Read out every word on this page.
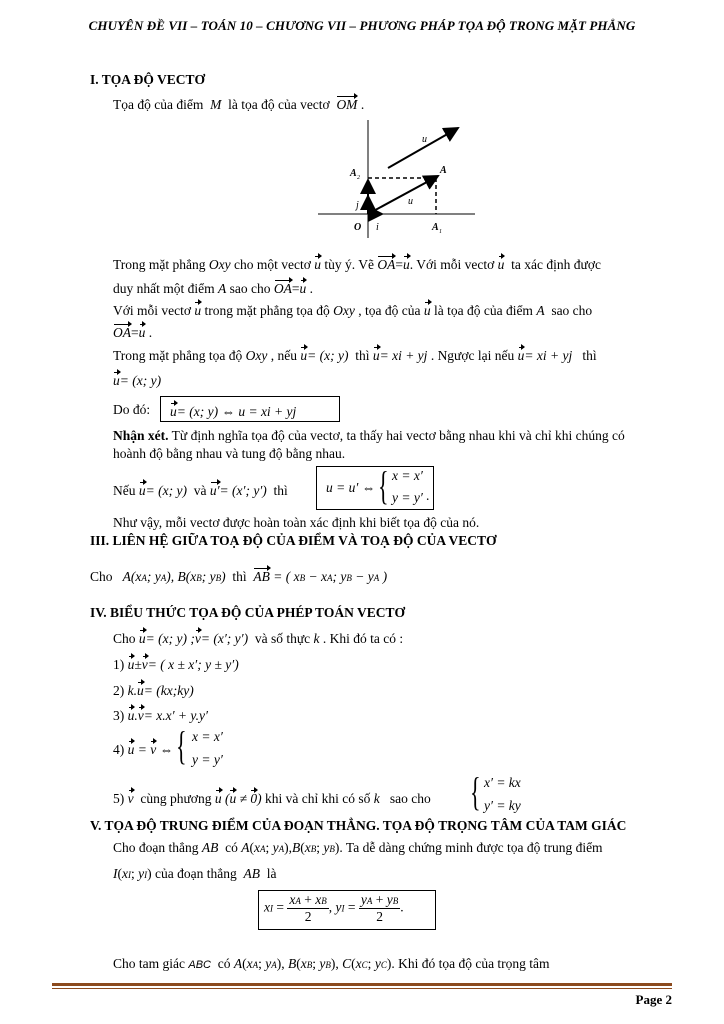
CHUYÊN ĐỀ VII – TOÁN 10 – CHƯƠNG VII – PHƯƠNG PHÁP TỌA ĐỘ TRONG MẶT PHẲNG
I. TỌA ĐỘ VECTƠ
Tọa độ của điểm M là tọa độ của vectơ OM .
u
A 2
A
j	u
O i	A 1
Trong mặt phẳng Oxy cho một vectơ u tùy ý. Vẽ OA=u. Với mỗi vectơ u ta xác định được
duy nhất một điểm A sao cho OA=u .
Với mỗi vectơ u trong mặt phẳng tọa độ Oxy , tọa độ của u là tọa độ của điểm A sao cho
OA=u .
Trong mặt phẳng tọa độ Oxy , nếu u= (x; y) thì u= xi + yj . Ngược lại nếu u= xi + yj thì
u= (x; y)
Do đó: u= (x; y) ⇔ u = xi + yj
Nhận xét. Từ định nghĩa tọa độ của vectơ, ta thấy hai vectơ bằng nhau khi và chỉ khi chúng có
hoành độ bằng nhau và tung độ bằng nhau.
Nếu u= (x; y) và u′= (x′; y′) thì	u = u′ ⇔ { x = x′
y = y′ .
Như vậy, mỗi vectơ được hoàn toàn xác định khi biết tọa độ của nó.
III. LIÊN HỆ GIỮA TOẠ ĐỘ CỦA ĐIỂM VÀ TOẠ ĐỘ CỦA VECTƠ
Cho A(xA; yA), B(xB; yB) thì AB = ( xB − xA; yB − yA )
IV. BIỂU THỨC TỌA ĐỘ CỦA PHÉP TOÁN VECTƠ
Cho u= (x; y) ;v= (x′; y′) và số thực k . Khi đó ta có :
1) u±v= ( x ± x′; y ± y′)
2) k.u= (kx;ky)
3) u.v= x.x′ + y.y′
4) u = v ⇔ { x = x′
y = y′
5) v cùng phương u (u ≠ 0) khi và chỉ khi có số k sao cho { x′ = kx
y′ = ky
V. TỌA ĐỘ TRUNG ĐIỂM CỦA ĐOẠN THẲNG. TỌA ĐỘ TRỌNG TÂM CỦA TAM GIÁC
Cho đoạn thẳng AB có A(xA; yA),B(xB; yB). Ta dễ dàng chứng minh được tọa độ trung điểm
I(xI; yI) của đoạn thẳng AB là
xI = $\frac{xA + xB}{2}$ , yI = $\frac{yA + yB}{2}$ .
Cho tam giác ABC có A(xA; yA), B(xB; yB), C(xC; yC). Khi đó tọa độ của trọng tâm
Page 2
